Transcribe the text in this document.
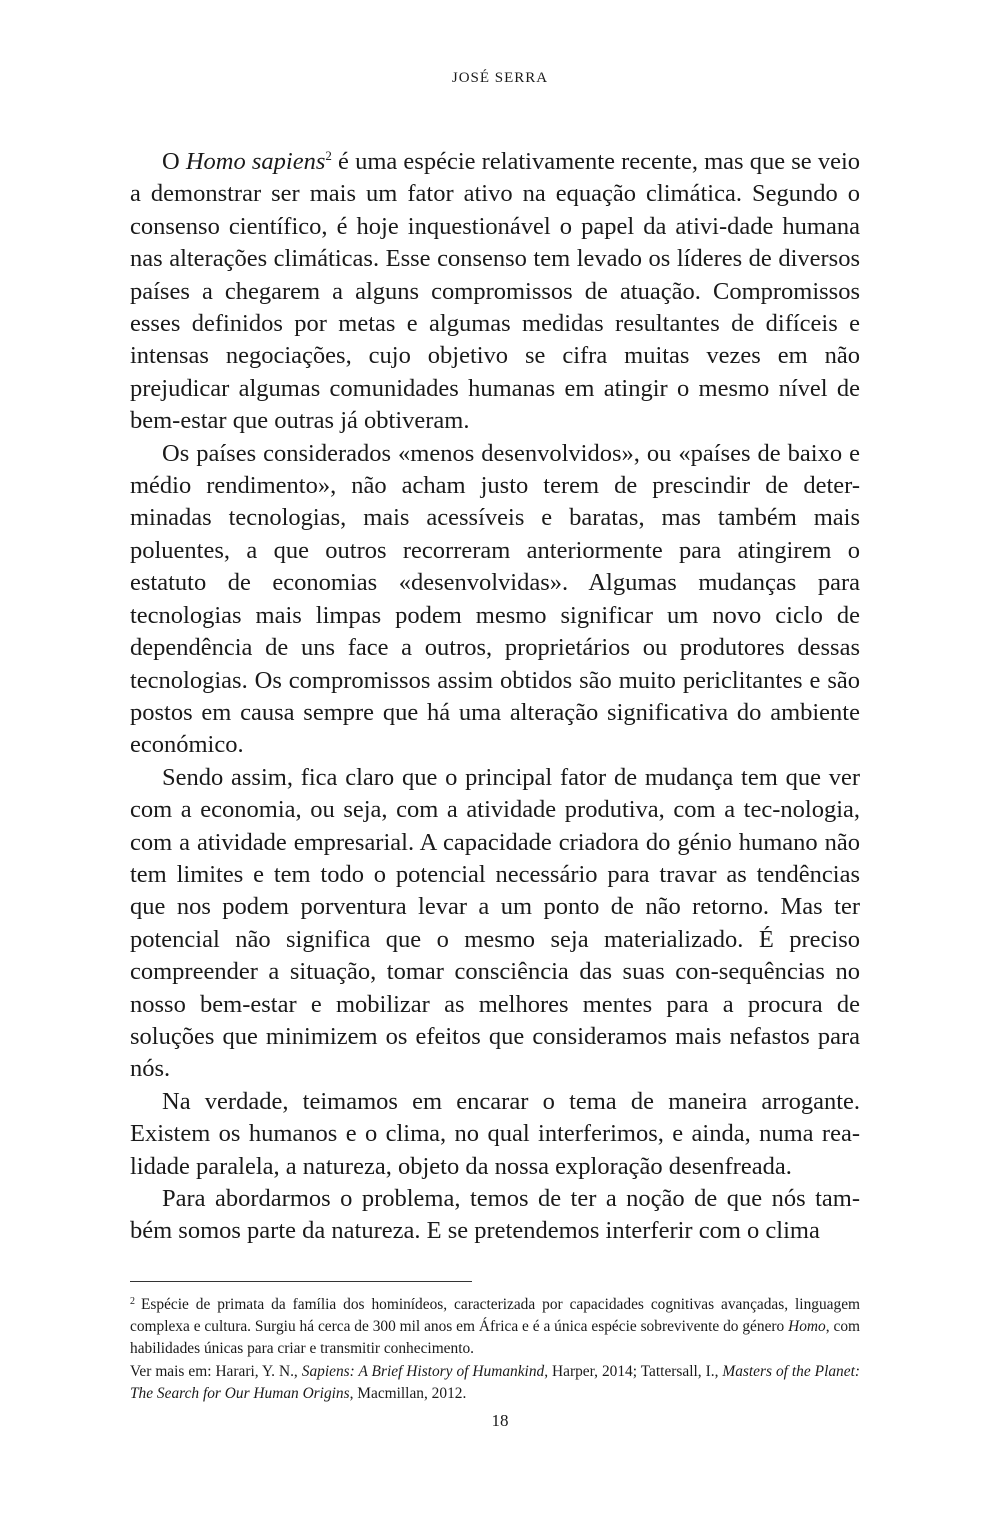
JOSÉ SERRA

O Homo sapiens$^2$ é uma espécie relativamente recente, mas que se veio a demonstrar ser mais um fator ativo na equação climática. Segundo o consenso científico, é hoje inquestionável o papel da ativi-dade humana nas alterações climáticas. Esse consenso tem levado os líderes de diversos países a chegarem a alguns compromissos de atuação. Compromissos esses definidos por metas e algumas medidas resultantes de difíceis e intensas negociações, cujo objetivo se cifra muitas vezes em não prejudicar algumas comunidades humanas em atingir o mesmo nível de bem-estar que outras já obtiveram.

Os países considerados «menos desenvolvidos», ou «países de baixo e médio rendimento», não acham justo terem de prescindir de deter-minadas tecnologias, mais acessíveis e baratas, mas também mais poluentes, a que outros recorreram anteriormente para atingirem o estatuto de economias «desenvolvidas». Algumas mudanças para tecnologias mais limpas podem mesmo significar um novo ciclo de dependência de uns face a outros, proprietários ou produtores dessas tecnologias. Os compromissos assim obtidos são muito periclitantes e são postos em causa sempre que há uma alteração significativa do ambiente económico.

Sendo assim, fica claro que o principal fator de mudança tem que ver com a economia, ou seja, com a atividade produtiva, com a tec-nologia, com a atividade empresarial. A capacidade criadora do génio humano não tem limites e tem todo o potencial necessário para travar as tendências que nos podem porventura levar a um ponto de não retorno. Mas ter potencial não significa que o mesmo seja materializado. É preciso compreender a situação, tomar consciência das suas con-sequências no nosso bem-estar e mobilizar as melhores mentes para a procura de soluções que minimizem os efeitos que consideramos mais nefastos para nós.

Na verdade, teimamos em encarar o tema de maneira arrogante. Existem os humanos e o clima, no qual interferimos, e ainda, numa rea-lidade paralela, a natureza, objeto da nossa exploração desenfreada.

Para abordarmos o problema, temos de ter a noção de que nós tam-bém somos parte da natureza. E se pretendemos interferir com o clima

$^2$ Espécie de primata da família dos hominídeos, caracterizada por capacidades cognitivas avançadas, linguagem complexa e cultura. Surgiu há cerca de 300 mil anos em África e é a única espécie sobrevivente do género Homo, com habilidades únicas para criar e transmitir conhecimento.

Ver mais em: Harari, Y. N., Sapiens: A Brief History of Humankind, Harper, 2014; Tattersall, I., Masters of the Planet: The Search for Our Human Origins, Macmillan, 2012.

18
